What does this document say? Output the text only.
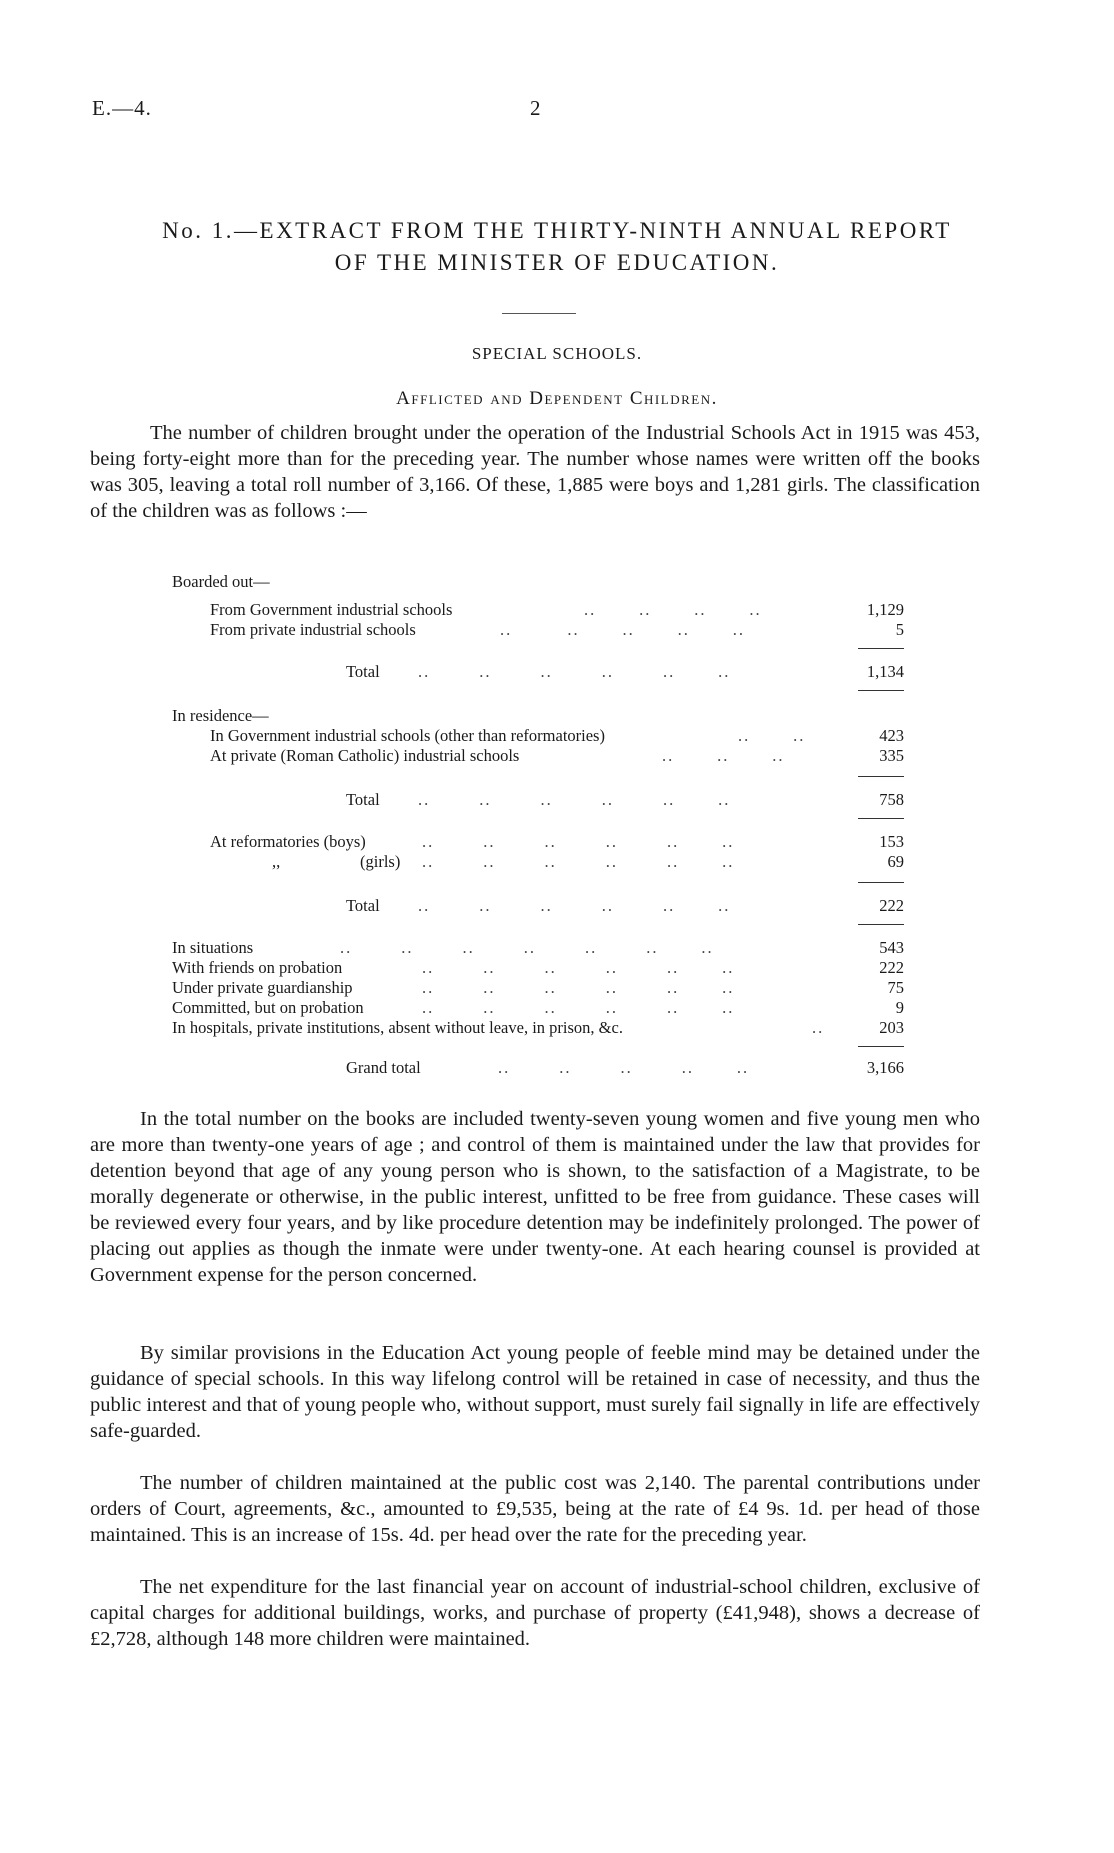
E.—4.	2
No. 1.—EXTRACT FROM THE THIRTY-NINTH ANNUAL REPORT
OF THE MINISTER OF EDUCATION.
SPECIAL SCHOOLS.
Afflicted and Dependent Children.

The number of children brought under the operation of the Industrial Schools Act in 1915 was 453, being forty-eight more than for the preceding year. The number whose names were written off the books was 305, leaving a total roll number of 3,166. Of these, 1,885 were boys and 1,281 girls. The classification of the children was as follows :—

Boarded out—
From Government industrial schools	..       ..       ..       ..	1,129
From private industrial schools	..         ..       ..       ..       ..	5
Total ..        ..        ..        ..        ..       ..	1,134
In residence—
In Government industrial schools (other than reformatories)	..       ..	423
At private (Roman Catholic) industrial schools	..       ..       ..	335
Total ..        ..        ..        ..        ..       ..	758
At reformatories (boys)	..        ..        ..        ..        ..       ..	153
,,	(girls) ..        ..        ..        ..        ..       ..	69
Total ..        ..        ..        ..        ..       ..	222
In situations	..        ..        ..        ..        ..        ..       ..	543
With friends on probation	..        ..        ..        ..        ..       ..	222
Under private guardianship	..        ..        ..        ..        ..       ..	75
Committed, but on probation	..        ..        ..        ..        ..       ..	9
In hospitals, private institutions, absent without leave, in prison, &c.	..	203
Grand total	..        ..        ..        ..       ..	3,166

In the total number on the books are included twenty-seven young women and five young men who are more than twenty-one years of age ; and control of them is maintained under the law that provides for detention beyond that age of any young person who is shown, to the satisfaction of a Magistrate, to be morally degenerate or otherwise, in the public interest, unfitted to be free from guidance. These cases will be reviewed every four years, and by like procedure detention may be indefinitely prolonged. The power of placing out applies as though the inmate were under twenty-one. At each hearing counsel is provided at Government expense for the person concerned.

By similar provisions in the Education Act young people of feeble mind may be detained under the guidance of special schools. In this way lifelong control will be retained in case of necessity, and thus the public interest and that of young people who, without support, must surely fail signally in life are effectively safe-guarded.

The number of children maintained at the public cost was 2,140. The parental contributions under orders of Court, agreements, &c., amounted to £9,535, being at the rate of £4 9s. 1d. per head of those maintained. This is an increase of 15s. 4d. per head over the rate for the preceding year.

The net expenditure for the last financial year on account of industrial-school children, exclusive of capital charges for additional buildings, works, and purchase of property (£41,948), shows a decrease of £2,728, although 148 more children were maintained.
